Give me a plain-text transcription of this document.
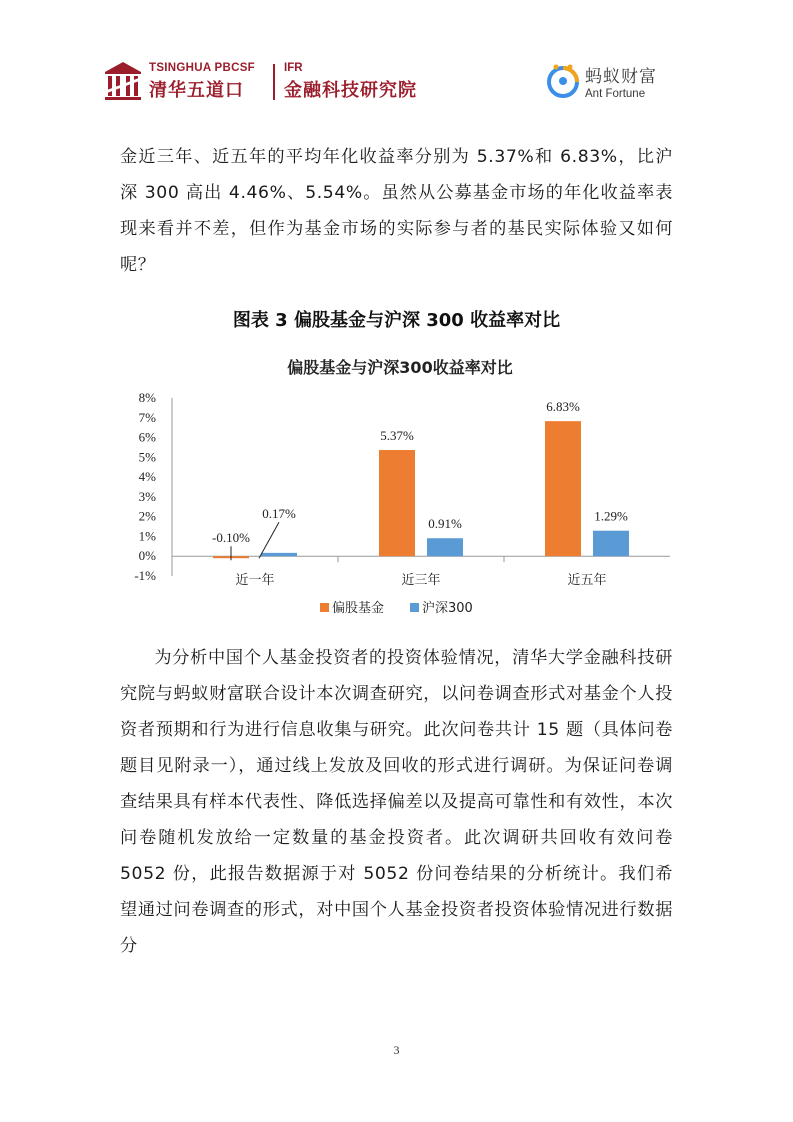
TSINGHUA PBCSF
清华五道口
IFR
金融科技研究院
蚂蚁财富
Ant Fortune

金近三年、近五年的平均年化收益率分别为 5.37%和 6.83%，比沪深 300 高出 4.46%、5.54%。虽然从公募基金市场的年化收益率表现来看并不差，但作为基金市场的实际参与者的基民实际体验又如何呢？

图表 3 偏股基金与沪深 300 收益率对比
偏股基金与沪深300收益率对比
-1%
0%
1%
2%
3%
4%
5%
6%
7%
8%
近一年
-0.10%
0.17%
近三年
5.37%
0.91%
近五年
6.83%
1.29%
偏股基金	沪深300

为分析中国个人基金投资者的投资体验情况，清华大学金融科技研究院与蚂蚁财富联合设计本次调查研究，以问卷调查形式对基金个人投资者预期和行为进行信息收集与研究。此次问卷共计 15 题（具体问卷题目见附录一），通过线上发放及回收的形式进行调研。为保证问卷调查结果具有样本代表性、降低选择偏差以及提高可靠性和有效性，本次问卷随机发放给一定数量的基金投资者。此次调研共回收有效问卷 5052 份，此报告数据源于对 5052 份问卷结果的分析统计。我们希望通过问卷调查的形式，对中国个人基金投资者投资体验情况进行数据分

3
